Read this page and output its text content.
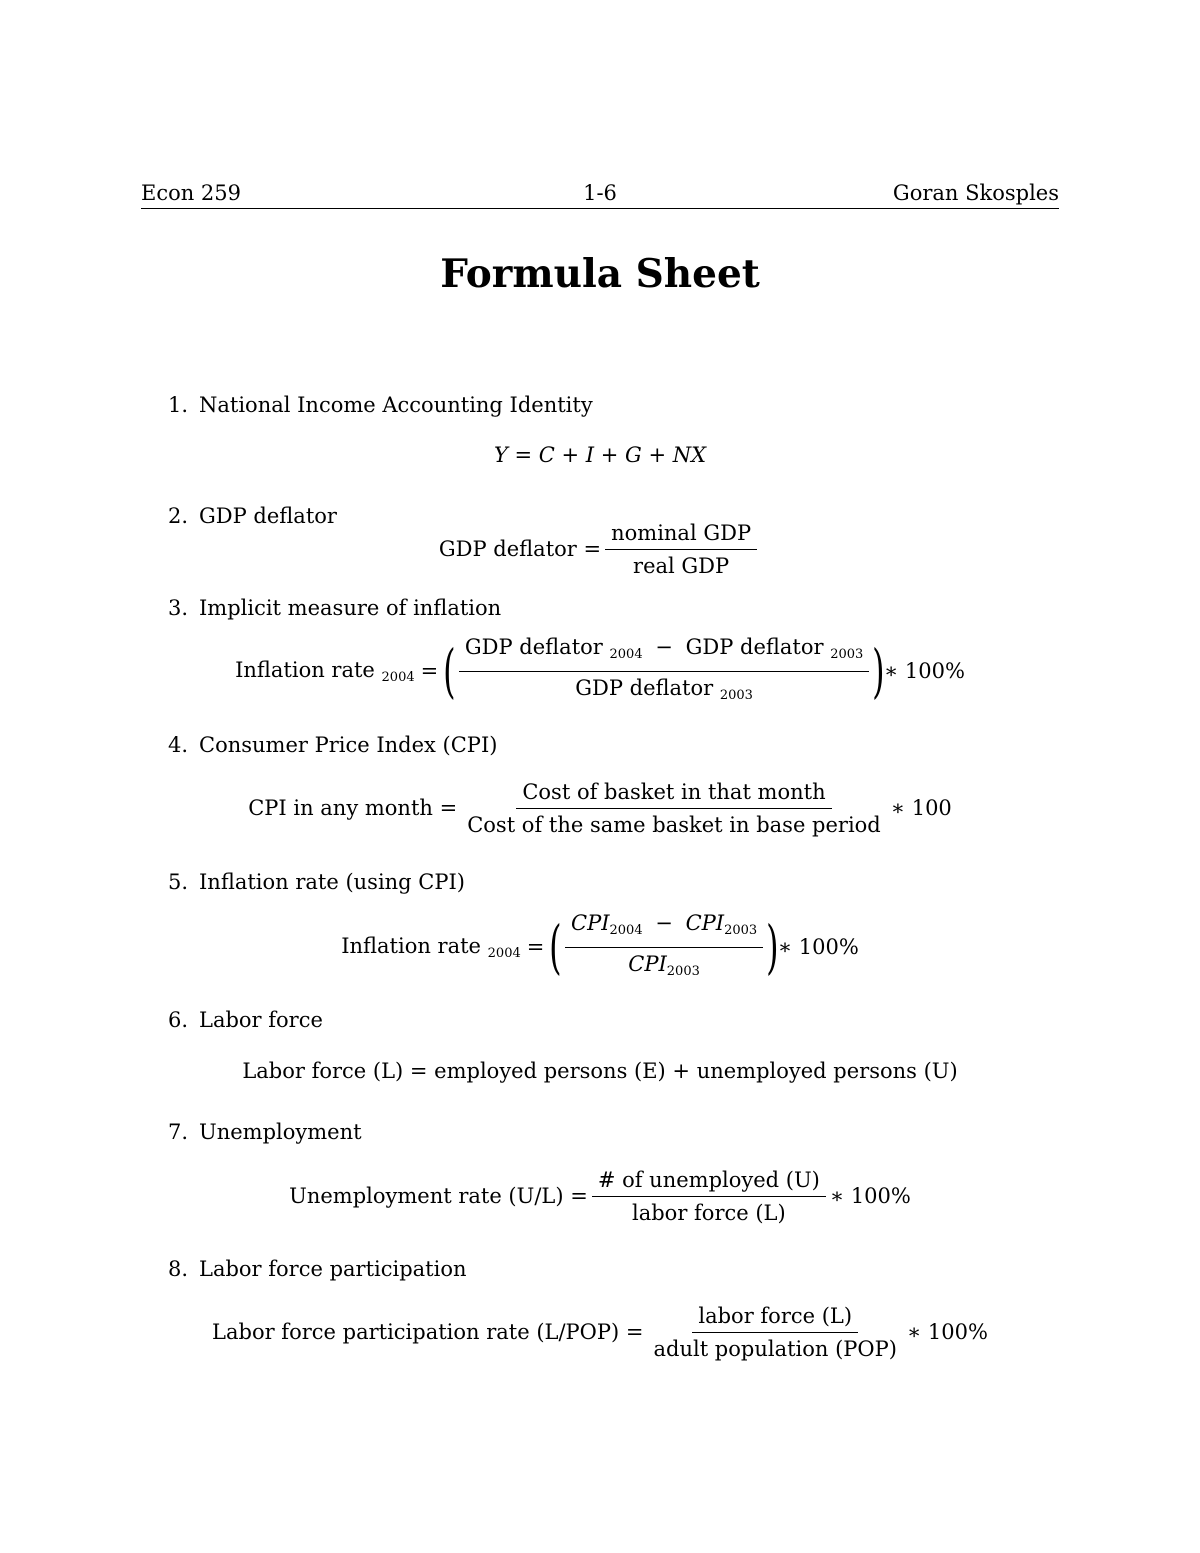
Econ 259	1-6	Goran Skosples
Formula Sheet
1. National Income Accounting Identity
Y = C + I + G + NX
2. GDP deflator
GDP deflator = $\frac{\text{nominal GDP}}{\text{real GDP}}$
3. Implicit measure of inflation
Inflation rate $_{2004}$ = ( $\frac{GDP deflator _{2004} - GDP deflator _{2003}}{GDP deflator _{2003}}$ ) ∗ 100%
4. Consumer Price Index (CPI)
CPI in any month = $\frac{\text{Cost of basket in that month}}{\text{Cost of the same basket in base period}}$ ∗ 100
5. Inflation rate (using CPI)
Inflation rate $_{2004}$ = ( $\frac{CPI_{2004} - CPI_{2003}}{CPI_{2003}}$ ) ∗ 100%
6. Labor force
Labor force (L) = employed persons (E) + unemployed persons (U)
7. Unemployment
Unemployment rate $(U/L) = \frac{\text{\# of unemployed (U)}}{\text{labor force (L)}}$ ∗ 100%
8. Labor force participation
Labor force participation rate $(L/POP) = \frac{\text{labor force (L)}}{\text{adult population (POP)}}$ ∗ 100%
